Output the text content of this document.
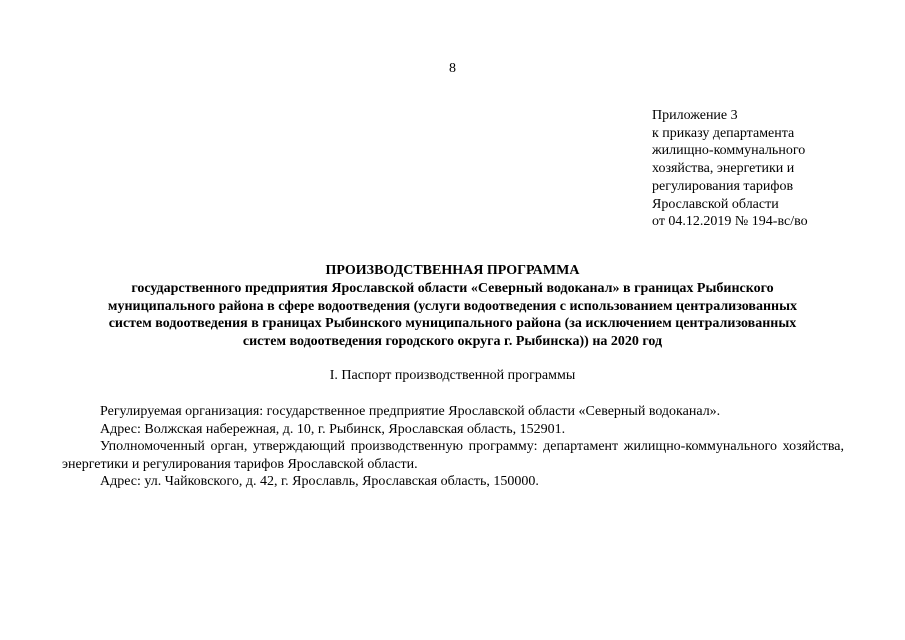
8
Приложение 3
к приказу департамента
жилищно-коммунального
хозяйства, энергетики и
регулирования тарифов
Ярославской области
от 04.12.2019 № 194-вс/во
ПРОИЗВОДСТВЕННАЯ ПРОГРАММА
государственного предприятия Ярославской области «Северный водоканал» в границах Рыбинского
муниципального района в сфере водоотведения (услуги водоотведения с использованием централизованных
систем водоотведения в границах Рыбинского муниципального района (за исключением централизованных
систем водоотведения городского округа г. Рыбинска)) на 2020 год
I. Паспорт производственной программы
Регулируемая организация: государственное предприятие Ярославской области «Северный водоканал».
Адрес: Волжская набережная, д. 10, г. Рыбинск, Ярославская область, 152901.
Уполномоченный орган, утверждающий производственную программу: департамент жилищно-коммунального хозяйства, энергетики и регулирования тарифов Ярославской области.
Адрес: ул. Чайковского, д. 42, г. Ярославль, Ярославская область, 150000.
